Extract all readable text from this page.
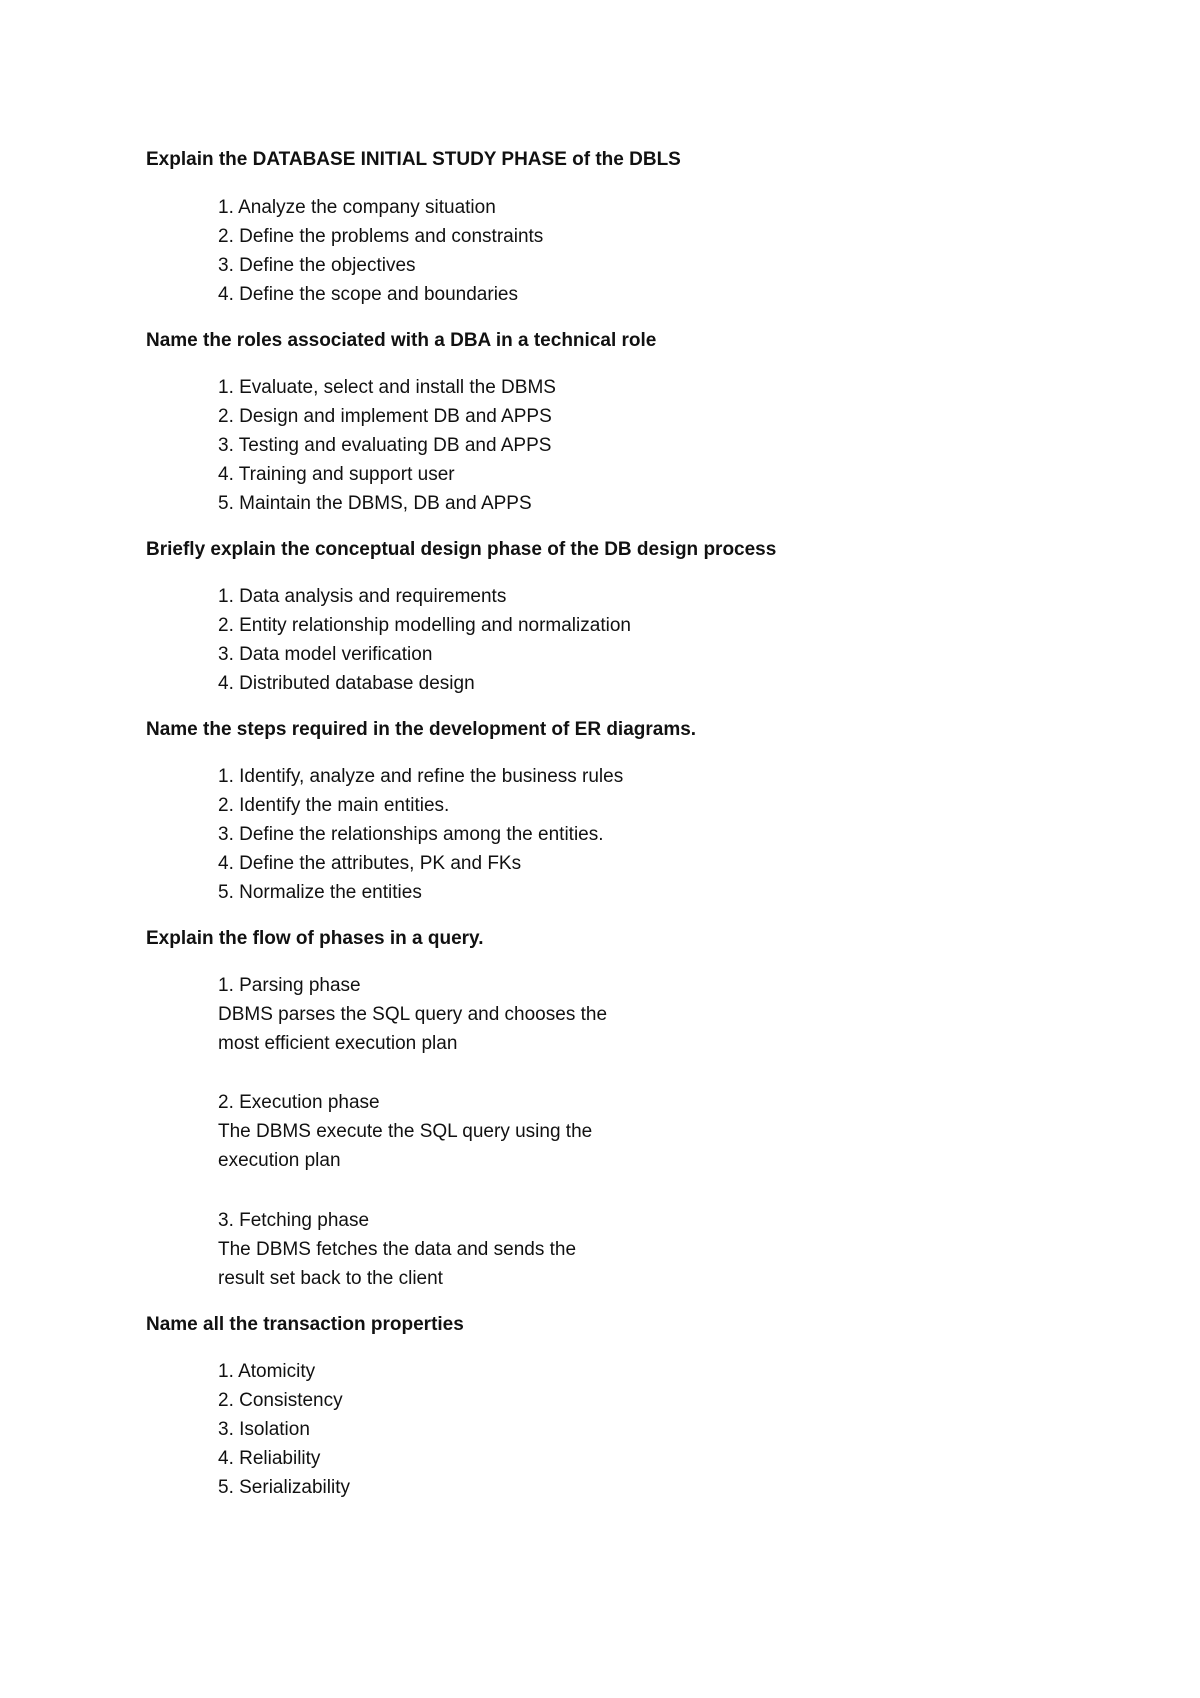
Explain the DATABASE INITIAL STUDY PHASE of the DBLS
1. Analyze the company situation
2. Define the problems and constraints
3. Define the objectives
4. Define the scope and boundaries
Name the roles associated with a DBA in a technical role
1. Evaluate, select and install the DBMS
2. Design and implement DB and APPS
3. Testing and evaluating DB and APPS
4. Training and support user
5. Maintain the DBMS, DB and APPS
Briefly explain the conceptual design phase of the DB design process
1. Data analysis and requirements
2. Entity relationship modelling and normalization
3. Data model verification
4. Distributed database design
Name the steps required in the development of ER diagrams.
1. Identify, analyze and refine the business rules
2. Identify the main entities.
3. Define the relationships among the entities.
4. Define the attributes, PK and FKs
5. Normalize the entities
Explain the flow of phases in a query.
1. Parsing phase
DBMS parses the SQL query and chooses the
most efficient execution plan
2. Execution phase
The DBMS execute the SQL query using the
execution plan
3. Fetching phase
The DBMS fetches the data and sends the
result set back to the client
Name all the transaction properties
1. Atomicity
2. Consistency
3. Isolation
4. Reliability
5. Serializability
